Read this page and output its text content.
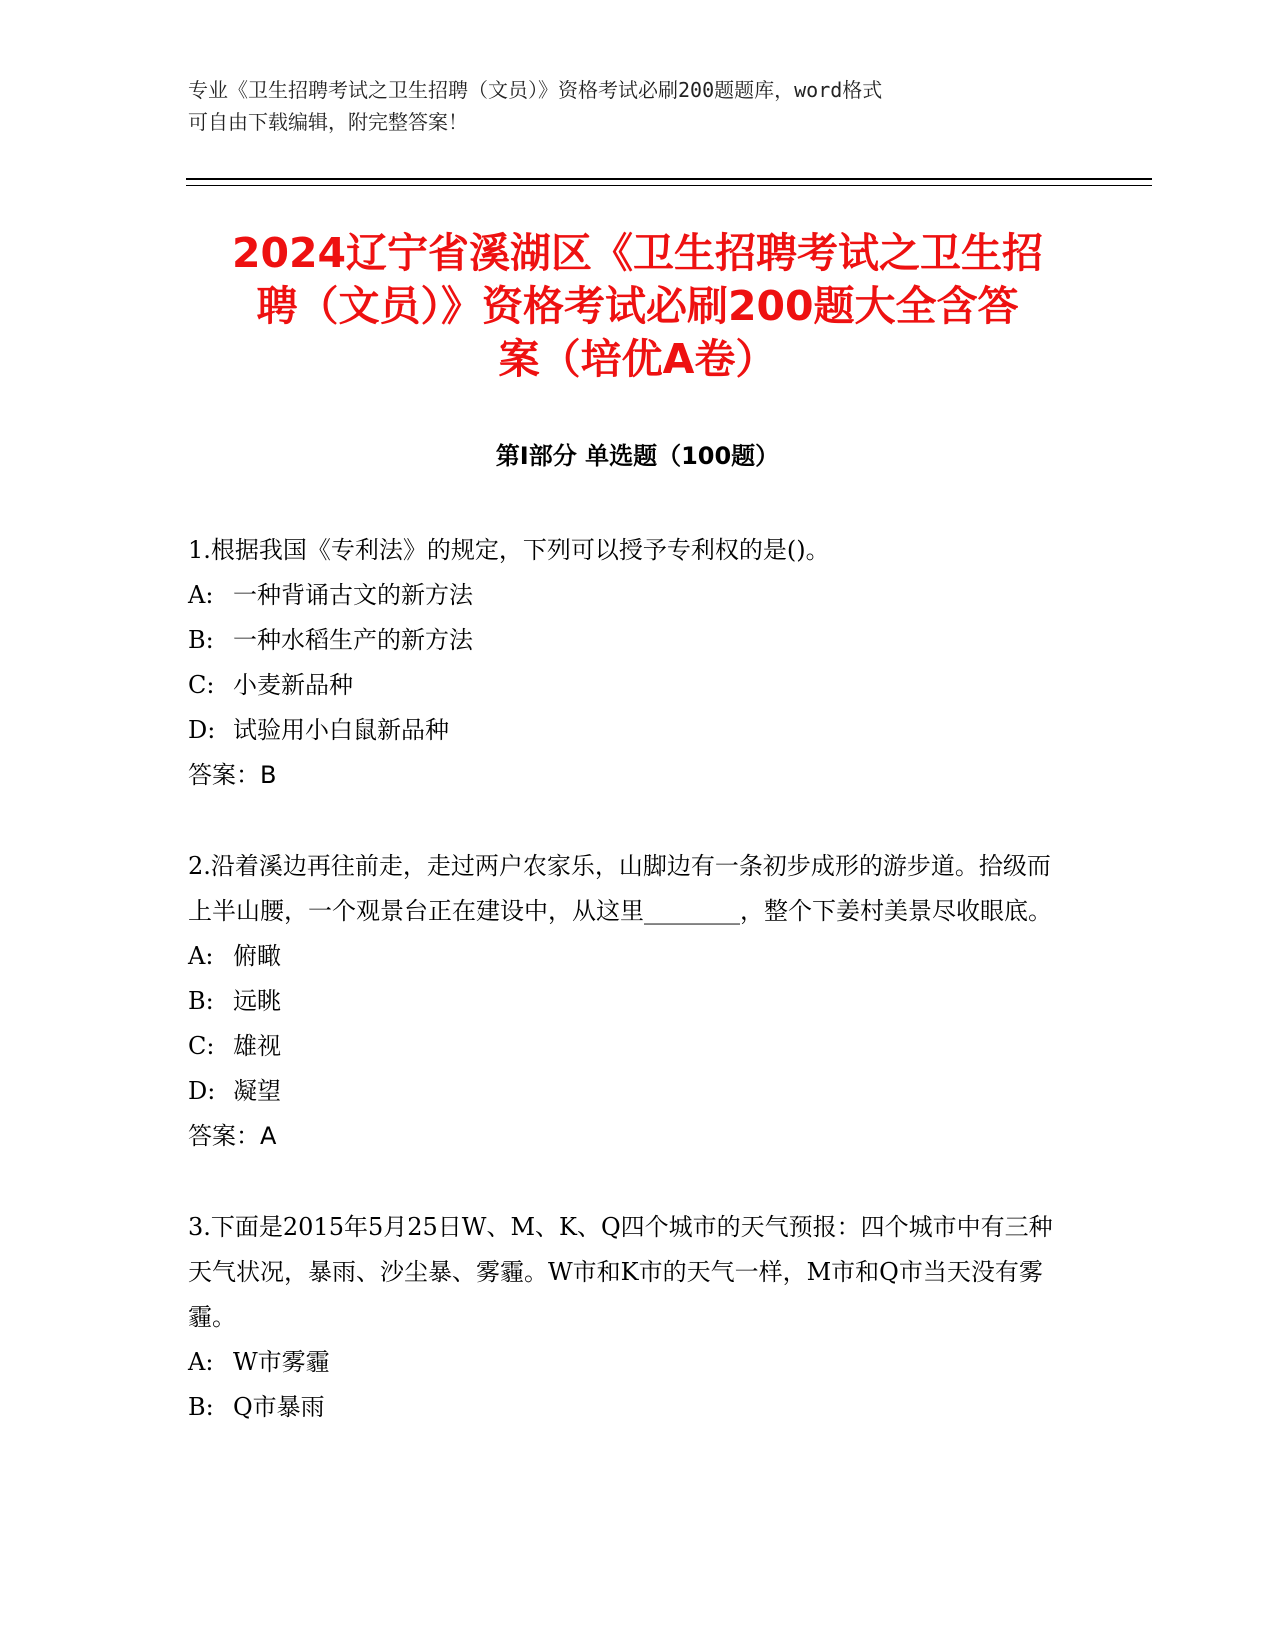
专业《卫生招聘考试之卫生招聘（文员）》资格考试必刷200题题库，word格式

可自由下载编辑，附完整答案！

2024辽宁省溪湖区《卫生招聘考试之卫生招
聘（文员）》资格考试必刷200题大全含答
案（培优A卷）
第Ⅰ部分 单选题（100题）

1.根据我国《专利法》的规定，下列可以授予专利权的是()。

A: 一种背诵古文的新方法
B: 一种水稻生产的新方法
C: 小麦新品种
D: 试验用小白鼠新品种

答案：B

2.沿着溪边再往前走，走过两户农家乐，山脚边有一条初步成形的游步道。拾级而上半山腰，一个观景台正在建设中，从这里________，整个下姜村美景尽收眼底。

A: 俯瞰
B: 远眺
C: 雄视
D: 凝望

答案：A

3.下面是2015年5月25日W、M、K、Q四个城市的天气预报：四个城市中有三种天气状况，暴雨、沙尘暴、雾霾。W市和K市的天气一样，M市和Q市当天没有雾霾。

A: W市雾霾
B: Q市暴雨
